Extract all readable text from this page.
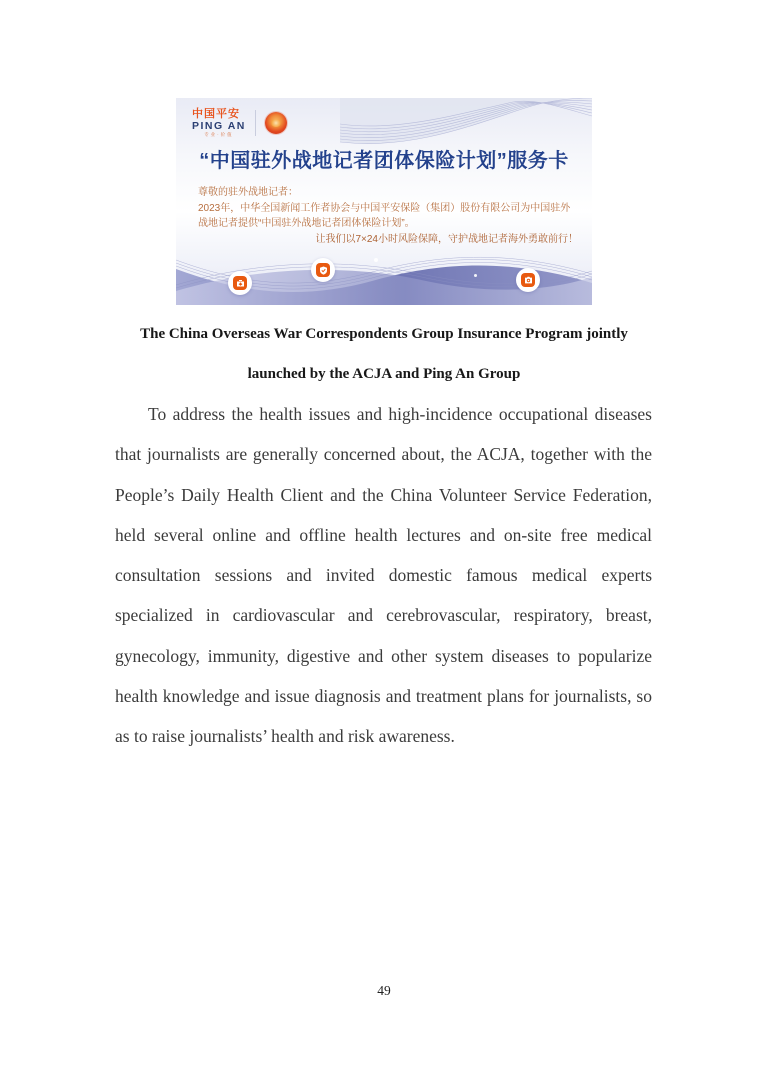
中国平安
PING AN
专业·价值
“中国驻外战地记者团体保险计划”服务卡
尊敬的驻外战地记者：
2023年，中华全国新闻工作者协会与中国平安保险（集团）股份有限公司为中国驻外
战地记者提供“中国驻外战地记者团体保险计划”。
让我们以7×24小时风险保障，守护战地记者海外勇敢前行！
The China Overseas War Correspondents Group Insurance Program jointly
launched by the ACJA and Ping An Group
To address the health issues and high-incidence occupational diseases
that journalists are generally concerned about, the ACJA, together with the
People’s Daily Health Client and the China Volunteer Service Federation,
held several online and offline health lectures and on-site free medical
consultation sessions and invited domestic famous medical experts
specialized in cardiovascular and cerebrovascular, respiratory, breast,
gynecology, immunity, digestive and other system diseases to popularize
health knowledge and issue diagnosis and treatment plans for journalists, so
as to raise journalists’ health and risk awareness.
49
